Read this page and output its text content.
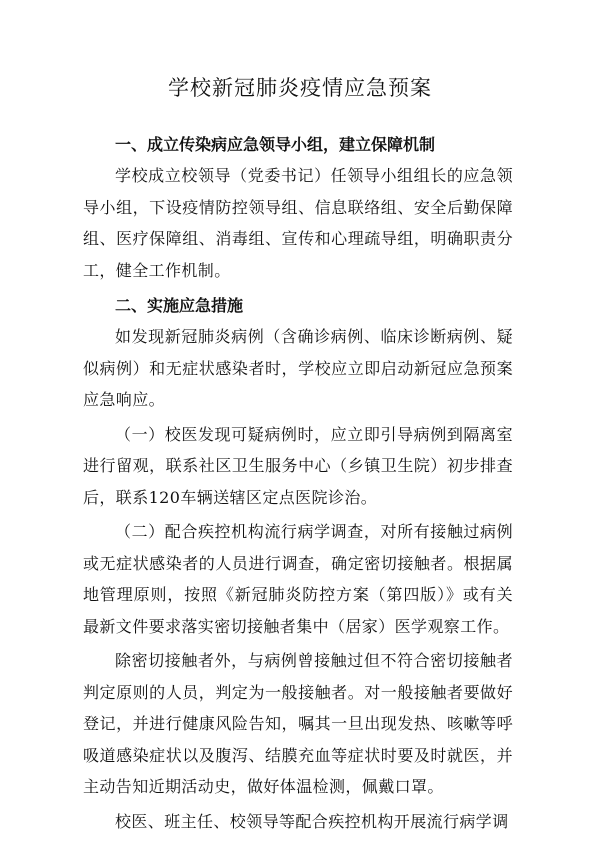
学校新冠肺炎疫情应急预案

一、成立传染病应急领导小组，建立保障机制

学校成立校领导（党委书记）任领导小组组长的应急领导小组，下设疫情防控领导组、信息联络组、安全后勤保障组、医疗保障组、消毒组、宣传和心理疏导组，明确职责分工，健全工作机制。

二、实施应急措施

如发现新冠肺炎病例（含确诊病例、临床诊断病例、疑似病例）和无症状感染者时，学校应立即启动新冠应急预案应急响应。

（一）校医发现可疑病例时，应立即引导病例到隔离室进行留观，联系社区卫生服务中心（乡镇卫生院）初步排查后，联系120车辆送辖区定点医院诊治。

（二）配合疾控机构流行病学调查，对所有接触过病例或无症状感染者的人员进行调查，确定密切接触者。根据属地管理原则，按照《新冠肺炎防控方案（第四版）》或有关最新文件要求落实密切接触者集中（居家）医学观察工作。

除密切接触者外，与病例曾接触过但不符合密切接触者判定原则的人员，判定为一般接触者。对一般接触者要做好登记，并进行健康风险告知，嘱其一旦出现发热、咳嗽等呼吸道感染症状以及腹泻、结膜充血等症状时要及时就医，并主动告知近期活动史，做好体温检测，佩戴口罩。

校医、班主任、校领导等配合疾控机构开展流行病学调
